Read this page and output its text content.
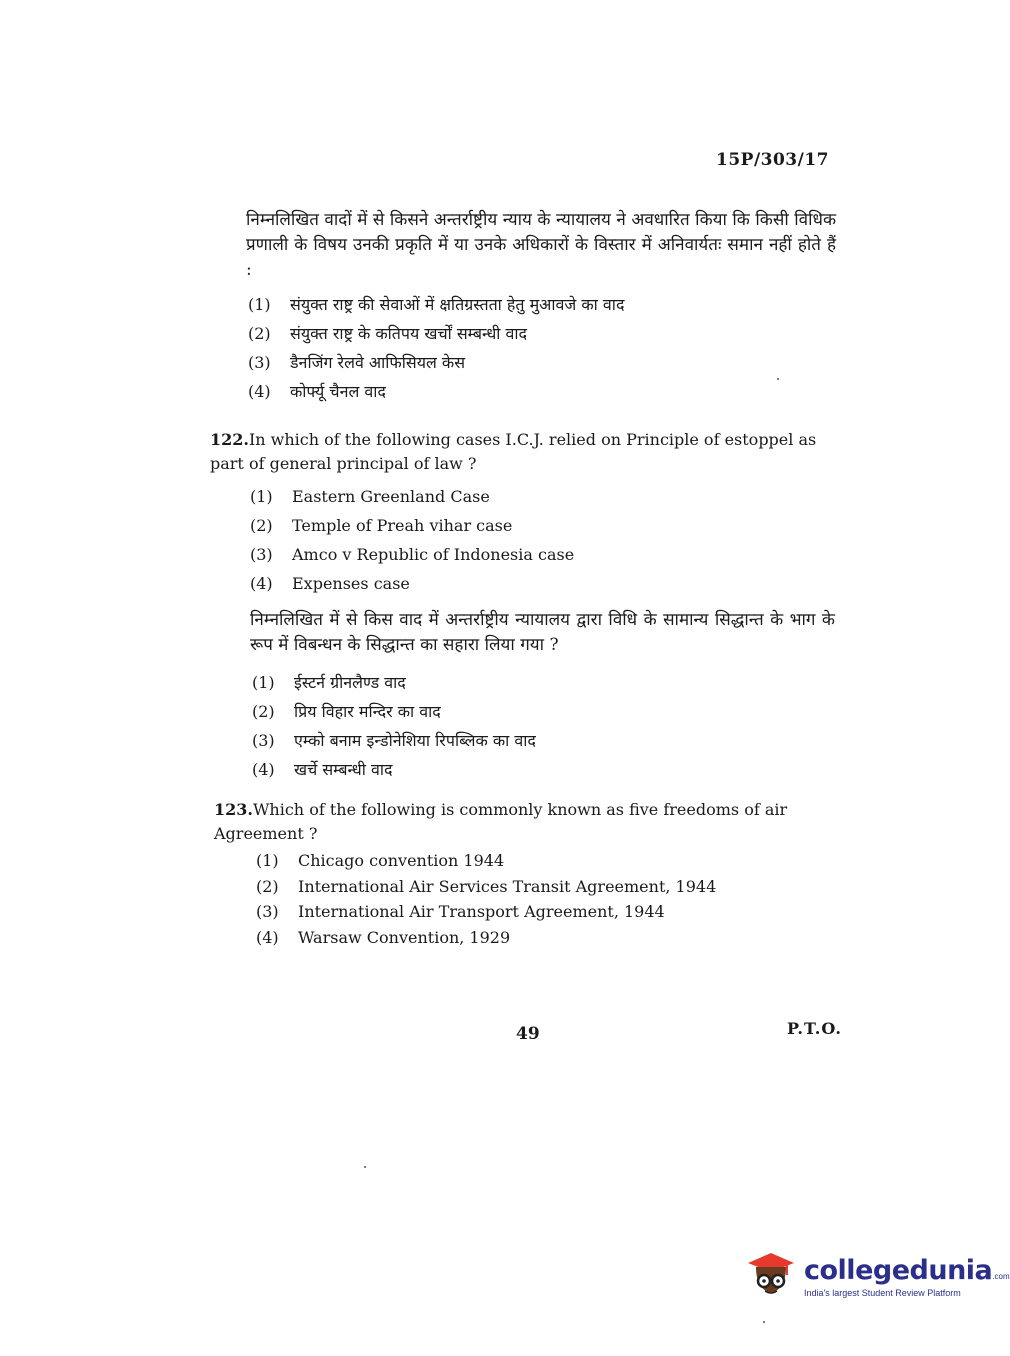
15P/303/17
निम्नलिखित वादों में से किसने अन्तर्राष्ट्रीय न्याय के न्यायालय ने अवधारित किया कि किसी विधिक प्रणाली के विषय उनकी प्रकृति में या उनके अधिकारों के विस्तार में अनिवार्यतः समान नहीं होते हैं :
(1)	संयुक्त राष्ट्र की सेवाओं में क्षतिग्रस्तता हेतु मुआवजे का वाद
(2)	संयुक्त राष्ट्र के कतिपय खर्चों सम्बन्धी वाद
(3)	डैनजिंग रेलवे आफिसियल केस
(4)	कोर्फ्यू चैनल वाद
122.In which of the following cases I.C.J. relied on Principle of estoppel as part of general principal of law ?
(1)	Eastern Greenland Case
(2)	Temple of Preah vihar case
(3)	Amco v Republic of Indonesia case
(4)	Expenses case
निम्नलिखित में से किस वाद में अन्तर्राष्ट्रीय न्यायालय द्वारा विधि के सामान्य सिद्धान्त के भाग के रूप में विबन्धन के सिद्धान्त का सहारा लिया गया ?
(1)	ईस्टर्न ग्रीनलैण्ड वाद
(2)	प्रिय विहार मन्दिर का वाद
(3)	एम्को बनाम इन्डोनेशिया रिपब्लिक का वाद
(4)	खर्चे सम्बन्धी वाद
123.Which of the following is commonly known as five freedoms of air Agreement ?
(1)	Chicago convention 1944
(2)	International Air Services Transit Agreement, 1944
(3)	International Air Transport Agreement, 1944
(4)	Warsaw Convention, 1929
49	P.T.O.
collegedunia.com
India's largest Student Review Platform
